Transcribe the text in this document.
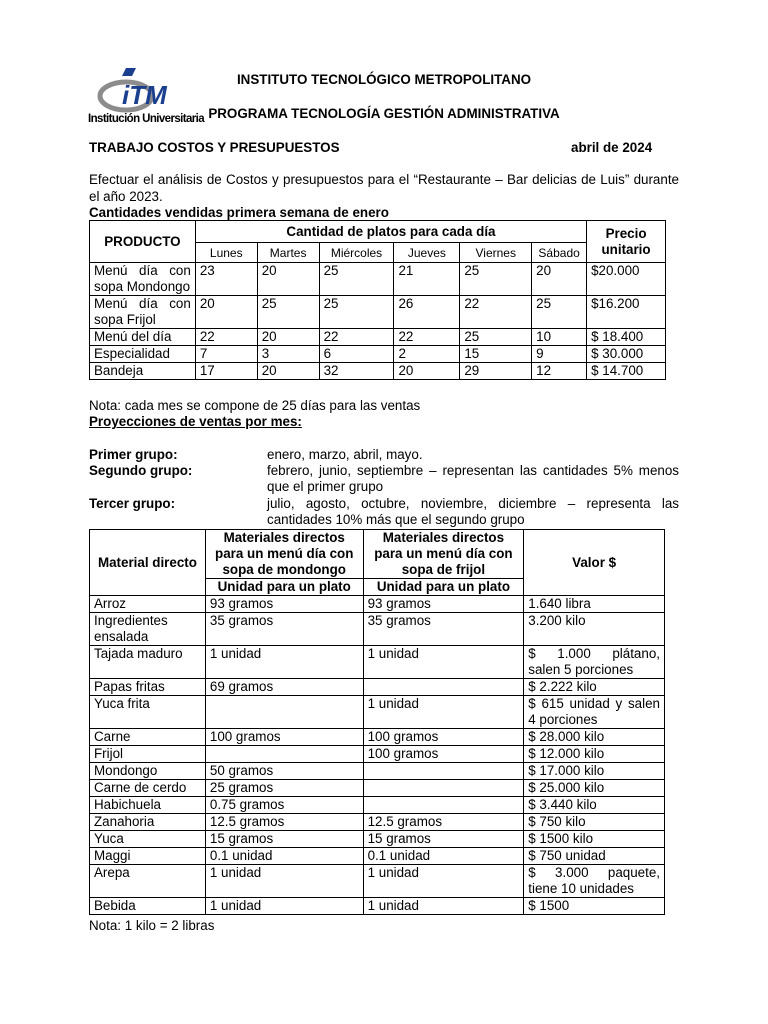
iTM
Institución Universitaria
INSTITUTO TECNOLÓGICO METROPOLITANO
PROGRAMA TECNOLOGÍA GESTIÓN ADMINISTRATIVA
TRABAJO COSTOS Y PRESUPUESTOS	abril de 2024
Efectuar el análisis de Costos y presupuestos para el “Restaurante – Bar delicias de Luis” durante el año 2023.
Cantidades vendidas primera semana de enero
PRODUCTO	Cantidad de platos para cada día						Precio unitario
	Lunes	Martes	Miércoles	Jueves	Viernes	Sábado	
Menú día con sopa Mondongo	23	20	25	21	25	20	$20.000
Menú día con sopa Frijol	20	25	25	26	22	25	$16.200
Menú del día	22	20	22	22	25	10	$ 18.400
Especialidad	7	3	6	2	15	9	$ 30.000
Bandeja	17	20	32	20	29	12	$ 14.700
Nota: cada mes se compone de 25 días para las ventas
Proyecciones de ventas por mes:
Primer grupo:	enero, marzo, abril, mayo.
Segundo grupo:	febrero, junio, septiembre – representan las cantidades 5% menos que el primer grupo
Tercer grupo:	julio, agosto, octubre, noviembre, diciembre – representa las cantidades 10% más que el segundo grupo
Material directo	Materiales directos para un menú día con sopa de mondongo	Materiales directos para un menú día con sopa de frijol	Valor $
	Unidad para un plato	Unidad para un plato	
Arroz	93 gramos	93 gramos	1.640 libra
Ingredientes ensalada	35 gramos	35 gramos	3.200 kilo
Tajada maduro	1 unidad	1 unidad	$ 1.000 plátano, salen 5 porciones
Papas fritas	69 gramos		$ 2.222 kilo
Yuca frita		1 unidad	$ 615 unidad y salen 4 porciones
Carne	100 gramos	100 gramos	$ 28.000 kilo
Frijol		100 gramos	$ 12.000 kilo
Mondongo	50 gramos		$ 17.000 kilo
Carne de cerdo	25 gramos		$ 25.000 kilo
Habichuela	0.75 gramos		$ 3.440 kilo
Zanahoria	12.5 gramos	12.5 gramos	$ 750 kilo
Yuca	15 gramos	15 gramos	$ 1500 kilo
Maggi	0.1 unidad	0.1 unidad	$ 750 unidad
Arepa	1 unidad	1 unidad	$ 3.000 paquete, tiene 10 unidades
Bebida	1 unidad	1 unidad	$ 1500
Nota: 1 kilo = 2 libras
